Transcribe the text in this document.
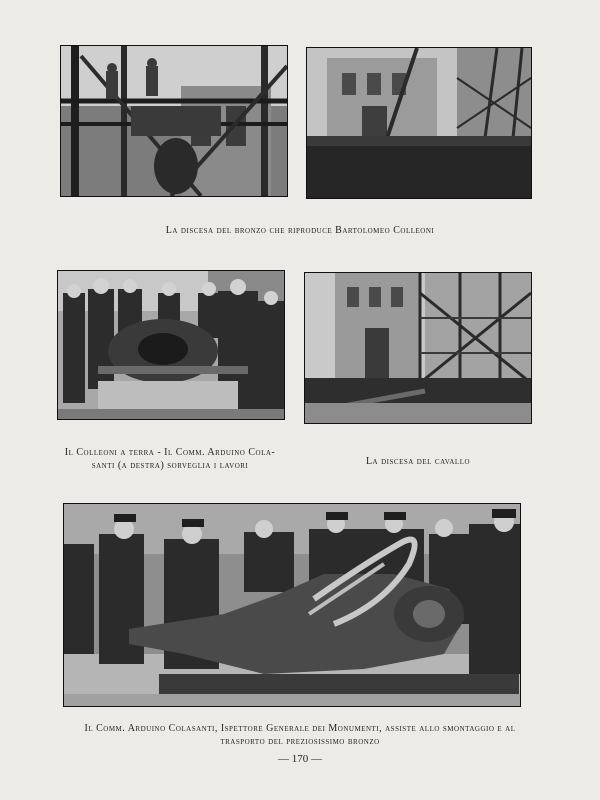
La discesa del bronzo che riproduce Bartolomeo Colleoni
Il Colleoni a terra - Il Comm. Arduino Cola-
santi (a destra) sorveglia i lavori	La discesa del cavallo
Il Comm. Arduino Colasanti, Ispettore Generale dei Monumenti, assiste allo smontaggio e al
trasporto del preziosissimo bronzo
— 170 —
